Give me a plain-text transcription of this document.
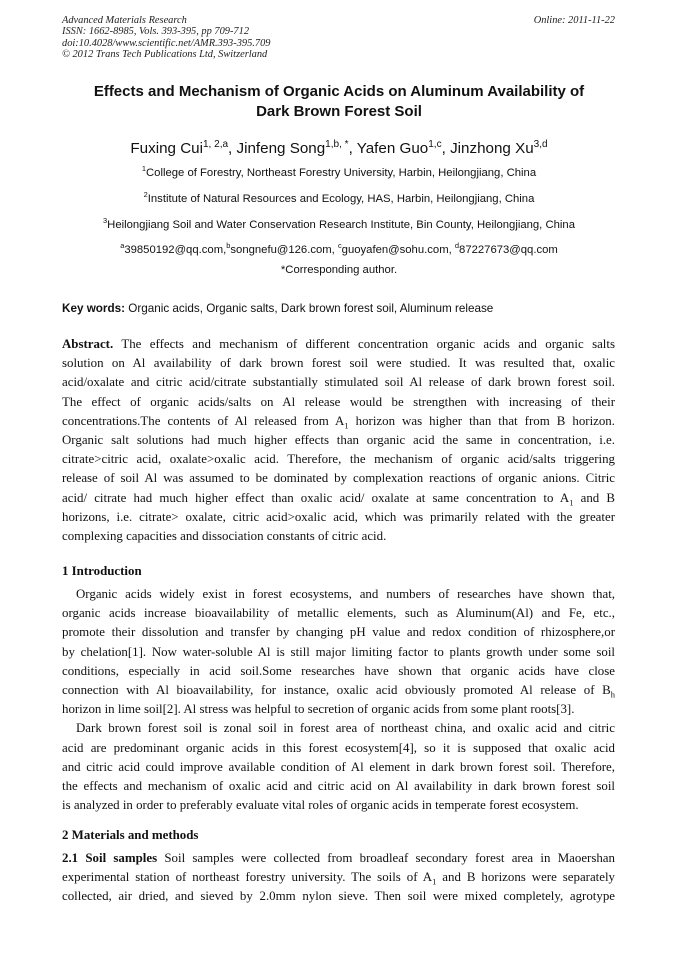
Advanced Materials Research
ISSN: 1662-8985, Vols. 393-395, pp 709-712
doi:10.4028/www.scientific.net/AMR.393-395.709
© 2012 Trans Tech Publications Ltd, Switzerland
Online: 2011-11-22
Effects and Mechanism of Organic Acids on Aluminum Availability of
Dark Brown Forest Soil
Fuxing Cui$^{1, 2,a}$, Jinfeng Song$^{1,b, *}$, Yafen Guo$^{1,c}$, Jinzhong Xu$^{3,d}$
$^1$College of Forestry, Northeast Forestry University, Harbin, Heilongjiang, China
$^2$Institute of Natural Resources and Ecology, HAS, Harbin, Heilongjiang, China
$^3$Heilongjiang Soil and Water Conservation Research Institute, Bin County, Heilongjiang, China
$^a$39850192@qq.com,$^b$songnefu@126.com, $^c$guoyafen@sohu.com, $^d$87227673@qq.com
*Corresponding author.
Key words: Organic acids, Organic salts, Dark brown forest soil, Aluminum release
Abstract. The effects and mechanism of different concentration organic acids and organic salts
solution on Al availability of dark brown forest soil were studied. It was resulted that, oxalic
acid/oxalate and citric acid/citrate substantially stimulated soil Al release of dark brown forest soil.
The effect of organic acids/salts on Al release would be strengthen with increasing of their
concentrations.The contents of Al released from $A_1$ horizon was higher than that from B horizon.
Organic salt solutions had much higher effects than organic acid the same in concentration, i.e.
citrate>citric acid, oxalate>oxalic acid. Therefore, the mechanism of organic acid/salts triggering
release of soil Al was assumed to be dominated by complexation reactions of organic anions. Citric
acid/ citrate had much higher effect than oxalic acid/ oxalate at same concentration to $A_1$ and B
horizons, i.e. citrate> oxalate, citric acid>oxalic acid, which was primarily related with the greater
complexing capacities and dissociation constants of citric acid.
1 Introduction
Organic acids widely exist in forest ecosystems, and numbers of researches have shown that,
organic acids increase bioavailability of metallic elements, such as Aluminum(Al) and Fe, etc.,
promote their dissolution and transfer by changing pH value and redox condition of rhizosphere,or
by chelation[1]. Now water-soluble Al is still major limiting factor to plants growth under some soil
conditions, especially in acid soil.Some researches have shown that organic acids have close
connection with Al bioavailability, for instance, oxalic acid obviously promoted Al release of $B_h$
horizon in lime soil[2]. Al stress was helpful to secretion of organic acids from some plant roots[3].
Dark brown forest soil is zonal soil in forest area of northeast china, and oxalic acid and citric
acid are predominant organic acids in this forest ecosystem[4], so it is supposed that oxalic acid
and citric acid could improve available condition of Al element in dark brown forest soil. Therefore,
the effects and mechanism of oxalic acid and citric acid on Al availability in dark brown forest soil
is analyzed in order to preferably evaluate vital roles of organic acids in temperate forest ecosystem.
2 Materials and methods
2.1 Soil samples Soil samples were collected from broadleaf secondary forest area in Maoershan
experimental station of northeast forestry university. The soils of $A_1$ and B horizons were separately
collected, air dried, and sieved by 2.0mm nylon sieve. Then soil were mixed completely, agrotype
